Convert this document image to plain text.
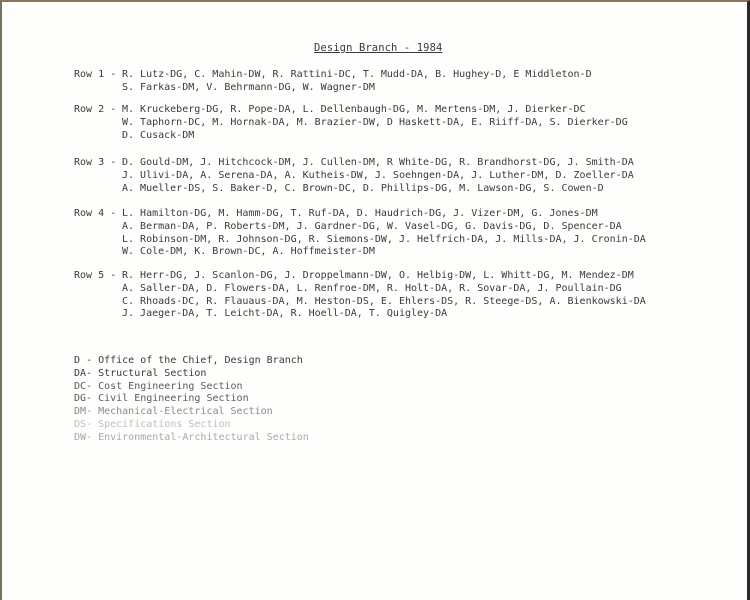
Design Branch - 1984
Row 1 - R. Lutz-DG, C. Mahin-DW, R. Rattini-DC, T. Mudd-DA, B. Hughey-D, E Middleton-D
S. Farkas-DM, V. Behrmann-DG, W. Wagner-DM
Row 2 - M. Kruckeberg-DG, R. Pope-DA, L. Dellenbaugh-DG, M. Mertens-DM, J. Dierker-DC
W. Taphorn-DC, M. Hornak-DA, M. Brazier-DW, D Haskett-DA, E. Riiff-DA, S. Dierker-DG
D. Cusack-DM
Row 3 - D. Gould-DM, J. Hitchcock-DM, J. Cullen-DM, R White-DG, R. Brandhorst-DG, J. Smith-DA
J. Ulivi-DA, A. Serena-DA, A. Kutheis-DW, J. Soehngen-DA, J. Luther-DM, D. Zoeller-DA
A. Mueller-DS, S. Baker-D, C. Brown-DC, D. Phillips-DG, M. Lawson-DG, S. Cowen-D
Row 4 - L. Hamilton-DG, M. Hamm-DG, T. Ruf-DA, D. Haudrich-DG, J. Vizer-DM, G. Jones-DM
A. Berman-DA, P. Roberts-DM, J. Gardner-DG, W. Vasel-DG, G. Davis-DG, D. Spencer-DA
L. Robinson-DM, R. Johnson-DG, R. Siemons-DW, J. Helfrich-DA, J. Mills-DA, J. Cronin-DA
W. Cole-DM, K. Brown-DC, A. Hoffmeister-DM
Row 5 - R. Herr-DG, J. Scanlon-DG, J. Droppelmann-DW, O. Helbig-DW, L. Whitt-DG, M. Mendez-DM
A. Saller-DA, D. Flowers-DA, L. Renfroe-DM, R. Holt-DA, R. Sovar-DA, J. Poullain-DG
C. Rhoads-DC, R. Flauaus-DA, M. Heston-DS, E. Ehlers-DS, R. Steege-DS, A. Bienkowski-DA
J. Jaeger-DA, T. Leicht-DA, R. Hoell-DA, T. Quigley-DA
D - Office of the Chief, Design Branch
DA- Structural Section
DC- Cost Engineering Section
DG- Civil Engineering Section
DM- Mechanical-Electrical Section
DS- Specifications Section
DW- Environmental-Architectural Section
